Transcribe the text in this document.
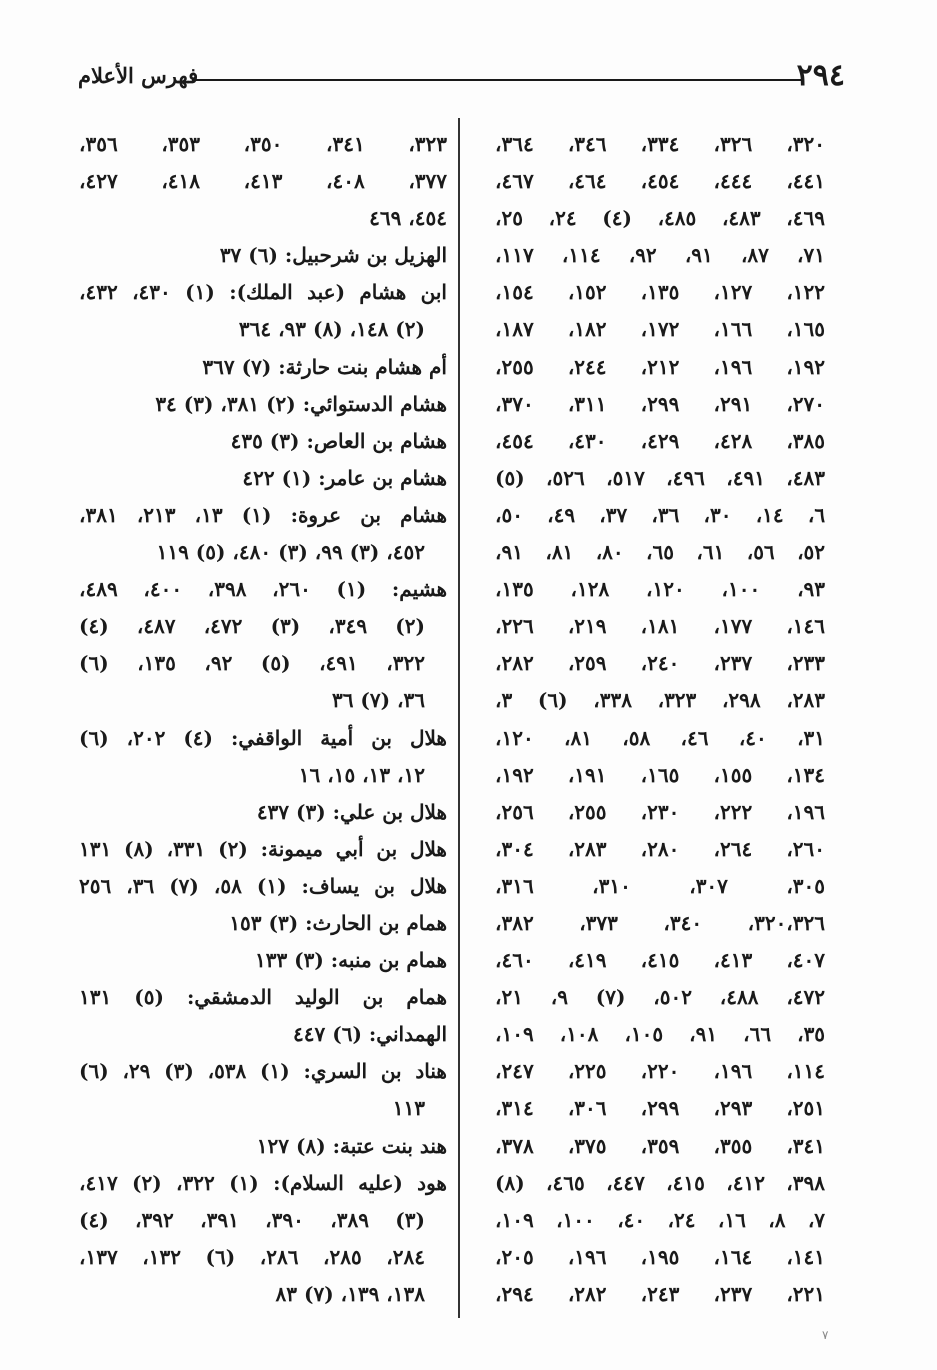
٢٩٤
فهرس الأعلام
٣٢٠، ٣٢٦، ٣٣٤، ٣٤٦، ٣٦٤،
٤٤١، ٤٤٤، ٤٥٤، ٤٦٤، ٤٦٧،
٤٦٩، ٤٨٣، ٤٨٥، (٤) ٢٤، ٢٥،
٧١، ٨٧، ٩١، ٩٢، ١١٤، ١١٧،
١٢٢، ١٢٧، ١٣٥، ١٥٢، ١٥٤،
١٦٥، ١٦٦، ١٧٢، ١٨٢، ١٨٧،
١٩٢، ١٩٦، ٢١٢، ٢٤٤، ٢٥٥،
٢٧٠، ٢٩١، ٢٩٩، ٣١١، ٣٧٠،
٣٨٥، ٤٢٨، ٤٢٩، ٤٣٠، ٤٥٤،
٤٨٣، ٤٩١، ٤٩٦، ٥١٧، ٥٢٦، (٥)
٦، ١٤، ٣٠، ٣٦، ٣٧، ٤٩، ٥٠،
٥٢، ٥٦، ٦١، ٦٥، ٨٠، ٨١، ٩١،
٩٣، ١٠٠، ١٢٠، ١٢٨، ١٣٥،
١٤٦، ١٧٧، ١٨١، ٢١٩، ٢٢٦،
٢٣٣، ٢٣٧، ٢٤٠، ٢٥٩، ٢٨٢،
٢٨٣، ٢٩٨، ٣٢٣، ٣٣٨، (٦) ٣،
٣١، ٤٠، ٤٦، ٥٨، ٨١، ١٢٠،
١٣٤، ١٥٥، ١٦٥، ١٩١، ١٩٢،
١٩٦، ٢٢٢، ٢٣٠، ٢٥٥، ٢٥٦،
٢٦٠، ٢٦٤، ٢٨٠، ٢٨٣، ٣٠٤،
٣٠٥، ٣٠٧، ٣١٠، ٣١٦،
٣٢٠،٣٢٦، ٣٤٠، ٣٧٣، ٣٨٢،
٤٠٧، ٤١٣، ٤١٥، ٤١٩، ٤٦٠،
٤٧٢، ٤٨٨، ٥٠٢، (٧) ٩، ٢١،
٣٥، ٦٦، ٩١، ١٠٥، ١٠٨، ١٠٩،
١١٤، ١٩٦، ٢٢٠، ٢٢٥، ٢٤٧،
٢٥١، ٢٩٣، ٢٩٩، ٣٠٦، ٣١٤،
٣٤١، ٣٥٥، ٣٥٩، ٣٧٥، ٣٧٨،
٣٩٨، ٤١٢، ٤١٥، ٤٤٧، ٤٦٥، (٨)
٧، ٨، ١٦، ٢٤، ٤٠، ١٠٠، ١٠٩،
١٤١، ١٦٤، ١٩٥، ١٩٦، ٢٠٥،
٢٢١، ٢٣٧، ٢٤٣، ٢٨٢، ٢٩٤،
٣٢٣، ٣٤١، ٣٥٠، ٣٥٣، ٣٥٦،
٣٧٧، ٤٠٨، ٤١٣، ٤١٨، ٤٢٧،
٤٥٤، ٤٦٩
الهزيل بن شرحبيل: (٦) ٣٧
ابن هشام (عبد الملك): (١) ٤٣٠، ٤٣٢،
(٢) ١٤٨، (٨) ٩٣، ٣٦٤
أم هشام بنت حارثة: (٧) ٣٦٧
هشام الدستوائي: (٢) ٣٨١، (٣) ٣٤
هشام بن العاص: (٣) ٤٣٥
هشام بن عامر: (١) ٤٢٢
هشام بن عروة: (١) ١٣، ٢١٣، ٣٨١،
٤٥٢، (٣) ٩٩، (٣) ٤٨٠، (٥) ١١٩
هشيم: (١) ٢٦٠، ٣٩٨، ٤٠٠، ٤٨٩،
(٢) ٣٤٩، (٣) ٤٧٢، ٤٨٧، (٤)
٣٢٢، ٤٩١، (٥) ٩٢، ١٣٥، (٦)
٣٦، (٧) ٣٦
هلال بن أمية الواقفي: (٤) ٢٠٢، (٦)
١٢، ١٣، ١٥، ١٦
هلال بن علي: (٣) ٤٣٧
هلال بن أبي ميمونة: (٢) ٣٣١، (٨) ١٣١
هلال بن يساف: (١) ٥٨، (٧) ٣٦، ٢٥٦
همام بن الحارث: (٣) ١٥٣
همام بن منبه: (٣) ١٣٣
همام بن الوليد الدمشقي: (٥) ١٣١
الهمداني: (٦) ٤٤٧
هناد بن السري: (١) ٥٣٨، (٣) ٢٩، (٦)
١١٣
هند بنت عتبة: (٨) ١٢٧
هود (عليه السلام): (١) ٣٢٢، (٢) ٤١٧،
(٣) ٣٨٩، ٣٩٠، ٣٩١، ٣٩٢، (٤)
٢٨٤، ٢٨٥، ٢٨٦، (٦) ١٣٢، ١٣٧،
١٣٨، ١٣٩، (٧) ٨٣
٧
